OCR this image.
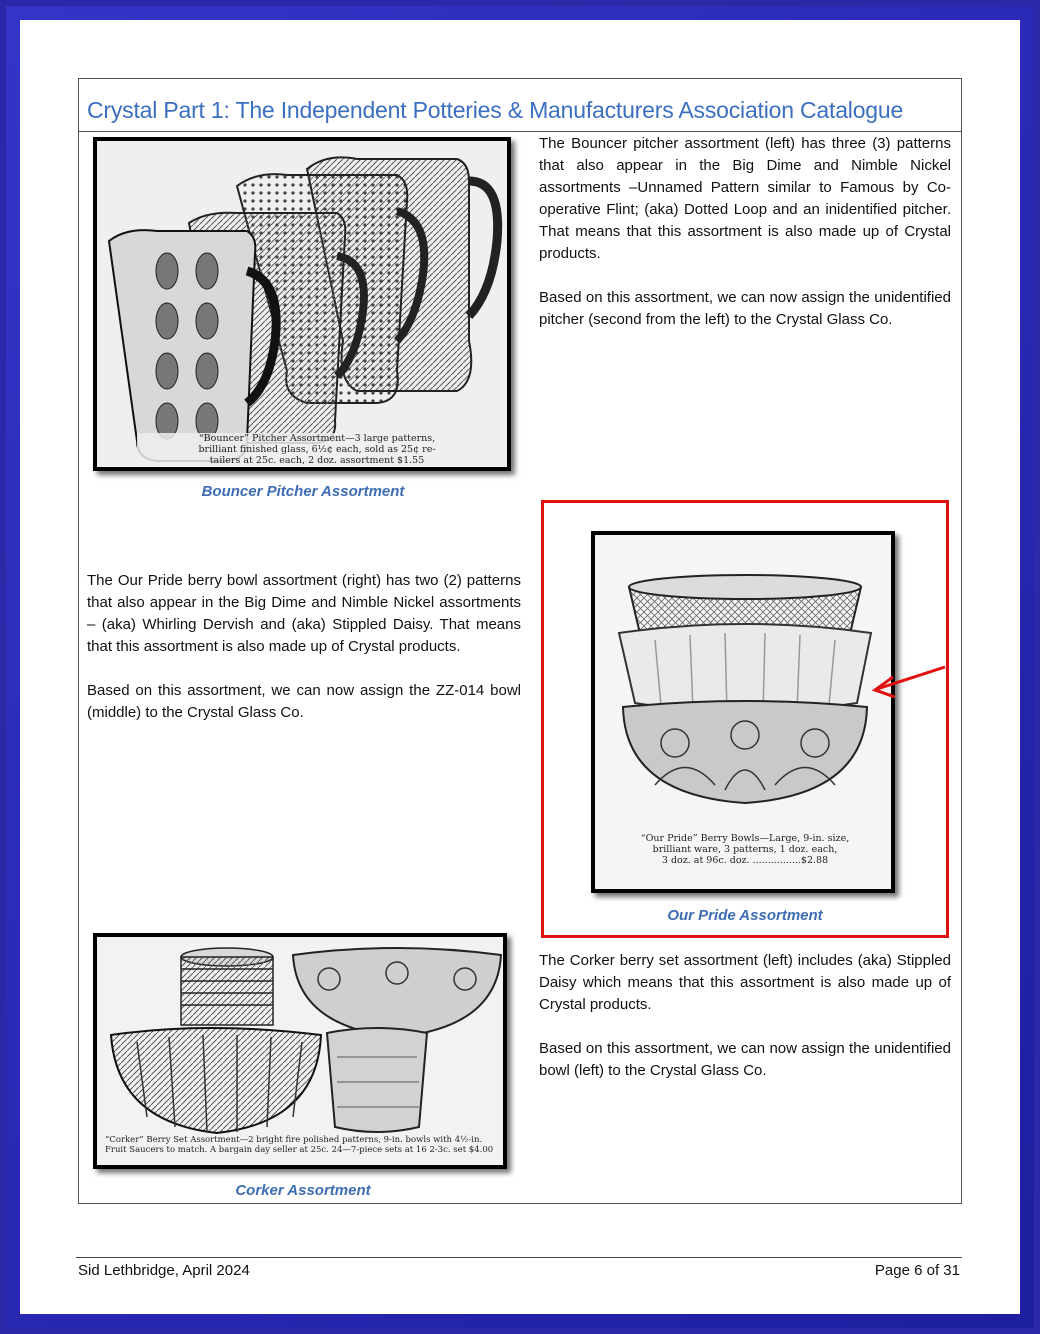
Crystal Part 1: The Independent Potteries & Manufacturers Association Catalogue
“Bouncer” Pitcher Assortment—3 large patterns,
brilliant finished glass, 6½¢ each, sold as 25¢ re-
tailers at 25c. each, 2 doz. assortment $1.55
Bouncer Pitcher Assortment

The Bouncer pitcher assortment (left) has three (3) patterns that also appear in the Big Dime and Nimble Nickel assortments –Unnamed Pattern similar to Famous by Co-operative Flint; (aka) Dotted Loop and an inidentified pitcher. That means that this assortment is also made up of Crystal products.

Based on this assortment, we can now assign the unidentified pitcher (second from the left) to the Crystal Glass Co.

The Our Pride berry bowl assortment (right) has two (2) patterns that also appear in the Big Dime and Nimble Nickel assortments – (aka) Whirling Dervish and (aka) Stippled Daisy. That means that this assortment is also made up of Crystal products.

Based on this assortment, we can now assign the ZZ-014 bowl (middle) to the Crystal Glass Co.

“Our Pride” Berry Bowls—Large, 9-in. size,
brilliant ware, 3 patterns, 1 doz. each,
3 doz. at 96c. doz. ................$2.88
Our Pride Assortment
“Corker” Berry Set Assortment—2 bright fire polished patterns, 9-in. bowls with 4½-in.
Fruit Saucers to match. A bargain day seller at 25c. 24—7-piece sets at 16 2-3c. set $4.00
Corker Assortment

The Corker berry set assortment (left) includes (aka) Stippled Daisy which means that this assortment is also made up of Crystal products.

Based on this assortment, we can now assign the unidentified bowl (left) to the Crystal Glass Co.

Sid Lethbridge, April 2024	Page 6 of 31
